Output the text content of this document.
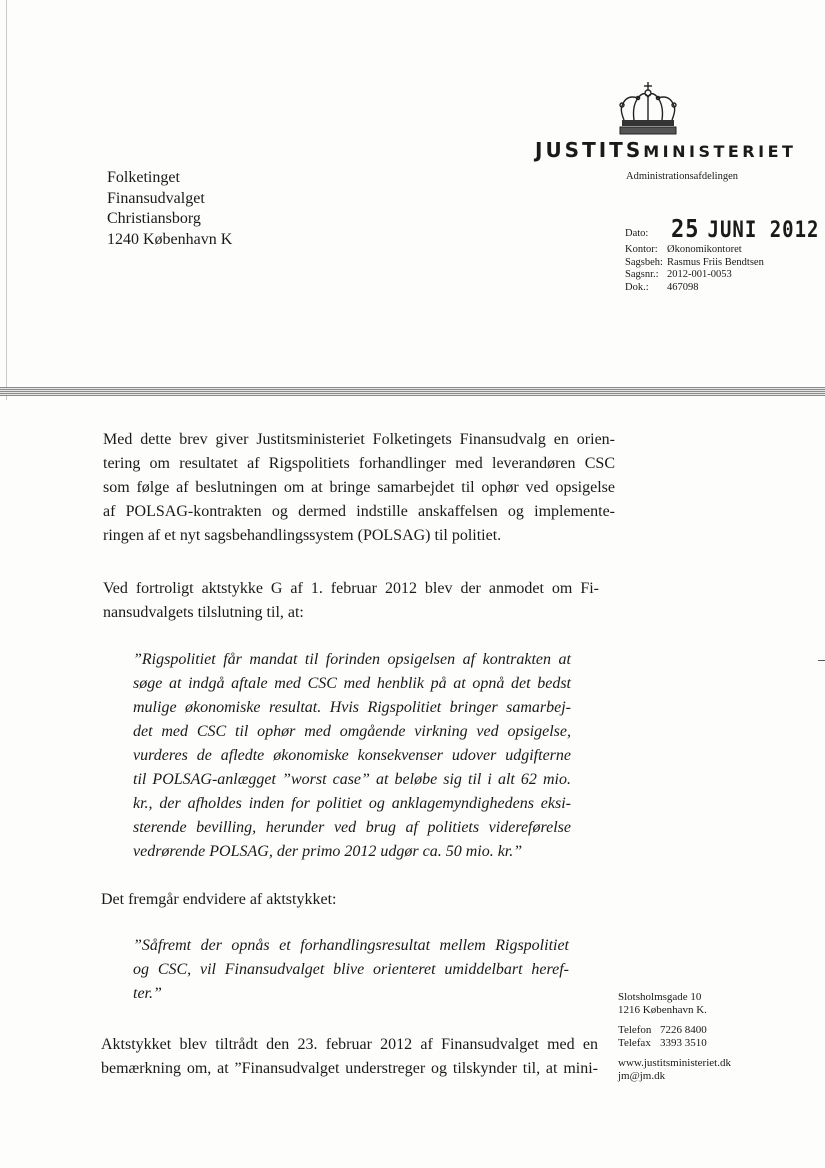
JUSTITSMINISTERIET
Administrationsafdelingen
Folketinget
Finansudvalget
Christiansborg
1240 København K	Dato:	25 JUNI 2012
Kontor: Økonomikontoret
Sagsbeh: Rasmus Friis Bendtsen
Sagsnr.: 2012-001-0053
Dok.:	467098
Med dette brev giver Justitsministeriet Folketingets Finansudvalg en orien-
tering om resultatet af Rigspolitiets forhandlinger med leverandøren CSC
som følge af beslutningen om at bringe samarbejdet til ophør ved opsigelse
af POLSAG-kontrakten og dermed indstille anskaffelsen og implemente-
ringen af et nyt sagsbehandlingssystem (POLSAG) til politiet.
Ved fortroligt aktstykke G af 1. februar 2012 blev der anmodet om Fi-
nansudvalgets tilslutning til, at:
”Rigspolitiet får mandat til forinden opsigelsen af kontrakten at
søge at indgå aftale med CSC med henblik på at opnå det bedst
mulige økonomiske resultat. Hvis Rigspolitiet bringer samarbej-
det med CSC til ophør med omgående virkning ved opsigelse,
vurderes de afledte økonomiske konsekvenser udover udgifterne
til POLSAG-anlægget ”worst case” at beløbe sig til i alt 62 mio.
kr., der afholdes inden for politiet og anklagemyndighedens eksi-
sterende bevilling, herunder ved brug af politiets videreførelse
vedrørende POLSAG, der primo 2012 udgør ca. 50 mio. kr.”
Det fremgår endvidere af aktstykket:
”Såfremt der opnås et forhandlingsresultat mellem Rigspolitiet
og CSC, vil Finansudvalget blive orienteret umiddelbart heref-
ter.”
Aktstykket blev tiltrådt den 23. februar 2012 af Finansudvalget med en
bemærkning om, at ”Finansudvalget understreger og tilskynder til, at mini-
Slotsholmsgade 10
1216 København K.
Telefon 7226 8400
Telefax 3393 3510
www.justitsministeriet.dk
jm@jm.dk
